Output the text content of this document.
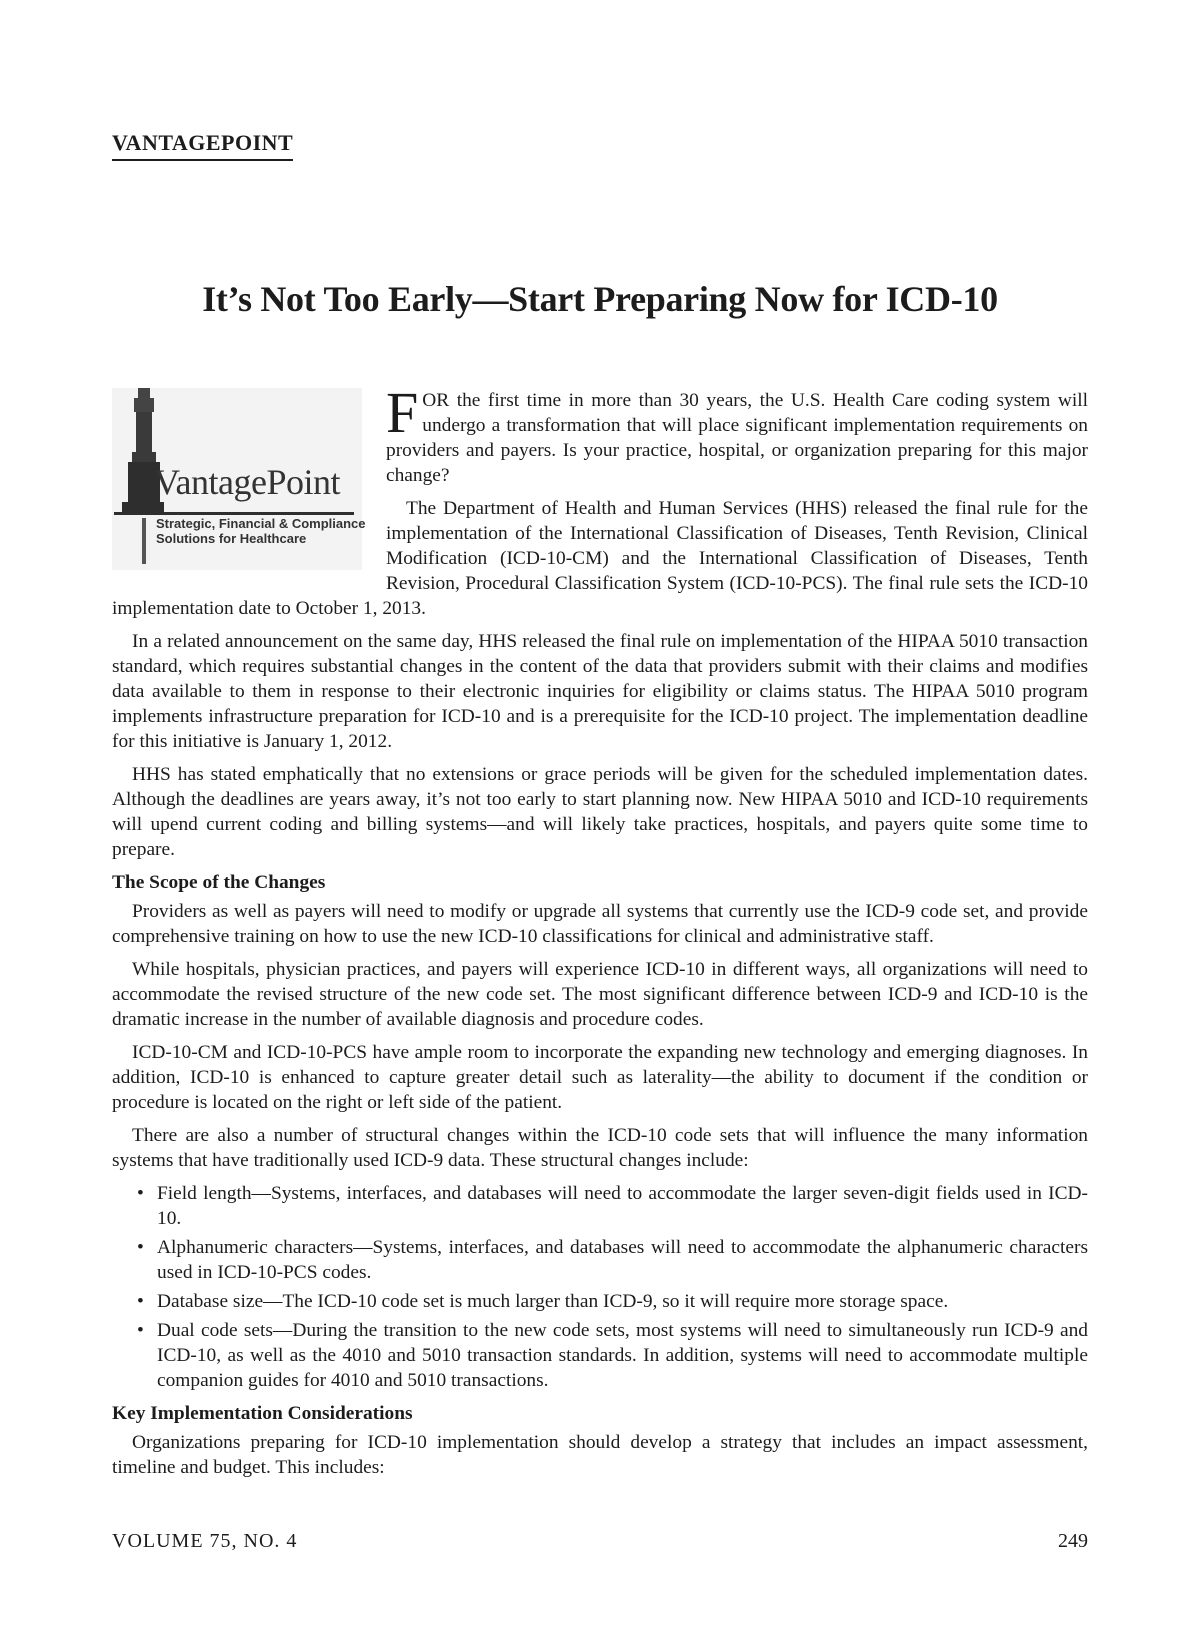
VANTAGEPOINT
It’s Not Too Early—Start Preparing Now for ICD-10
VantagePoint
Strategic, Financial & Compliance
Solutions for Healthcare

FOR the first time in more than 30 years, the U.S. Health Care coding system will undergo a transformation that will place significant implementation requirements on providers and payers. Is your practice, hospital, or organization preparing for this major change?

The Department of Health and Human Services (HHS) released the final rule for the implementation of the International Classification of Diseases, Tenth Revision, Clinical Modification (ICD-10-CM) and the International Classification of Diseases, Tenth Revision, Procedural Classification System (ICD-10-PCS). The final rule sets the ICD-10 implementation date to October 1, 2013.

In a related announcement on the same day, HHS released the final rule on implementation of the HIPAA 5010 transaction standard, which requires substantial changes in the content of the data that providers submit with their claims and modifies data available to them in response to their electronic inquiries for eligibility or claims status. The HIPAA 5010 program implements infrastructure preparation for ICD-10 and is a prerequisite for the ICD-10 project. The implementation deadline for this initiative is January 1, 2012.

HHS has stated emphatically that no extensions or grace periods will be given for the scheduled implementation dates. Although the deadlines are years away, it’s not too early to start planning now. New HIPAA 5010 and ICD-10 requirements will upend current coding and billing systems—and will likely take practices, hospitals, and payers quite some time to prepare.

The Scope of the Changes

Providers as well as payers will need to modify or upgrade all systems that currently use the ICD-9 code set, and provide comprehensive training on how to use the new ICD-10 classifications for clinical and administrative staff.

While hospitals, physician practices, and payers will experience ICD-10 in different ways, all organizations will need to accommodate the revised structure of the new code set. The most significant difference between ICD-9 and ICD-10 is the dramatic increase in the number of available diagnosis and procedure codes.

ICD-10-CM and ICD-10-PCS have ample room to incorporate the expanding new technology and emerging diagnoses. In addition, ICD-10 is enhanced to capture greater detail such as laterality—the ability to document if the condition or procedure is located on the right or left side of the patient.

There are also a number of structural changes within the ICD-10 code sets that will influence the many information systems that have traditionally used ICD-9 data. These structural changes include:

• Field length—Systems, interfaces, and databases will need to accommodate the larger seven-digit fields used in ICD-10.
• Alphanumeric characters—Systems, interfaces, and databases will need to accommodate the alphanumeric characters used in ICD-10-PCS codes.
• Database size—The ICD-10 code set is much larger than ICD-9, so it will require more storage space.
• Dual code sets—During the transition to the new code sets, most systems will need to simultaneously run ICD-9 and ICD-10, as well as the 4010 and 5010 transaction standards. In addition, systems will need to accommodate multiple companion guides for 4010 and 5010 transactions.
Key Implementation Considerations

Organizations preparing for ICD-10 implementation should develop a strategy that includes an impact assessment, timeline and budget. This includes:

VOLUME 75, NO. 4	249
